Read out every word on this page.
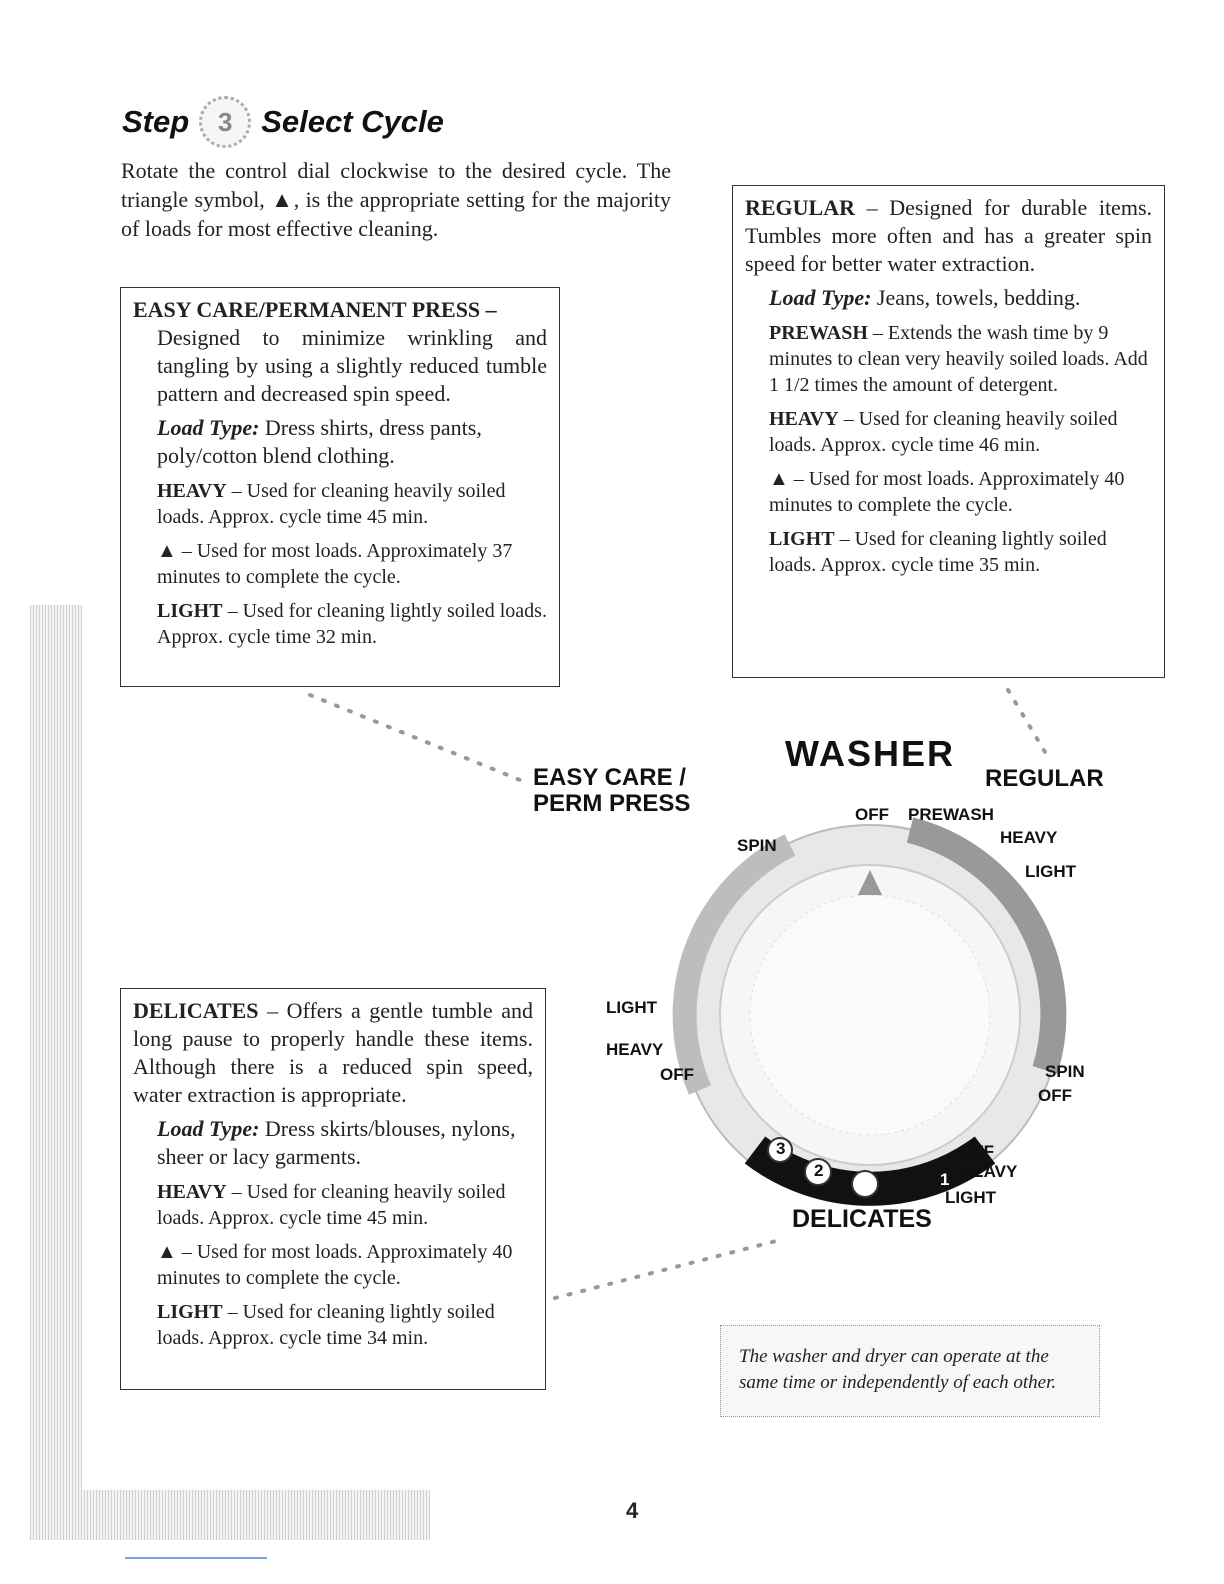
Step	3 Select Cycle
Rotate the control dial clockwise to the desired cycle. The triangle symbol, ▲, is the appropriate setting for the majority of loads for most effective cleaning.
EASY CARE/PERMANENT PRESS –
Designed to minimize wrinkling and tangling by using a slightly reduced tumble pattern and decreased spin speed.
Load Type: Dress shirts, dress pants, poly/cotton blend clothing.
HEAVY – Used for cleaning heavily soiled loads. Approx. cycle time 45 min.
▲ – Used for most loads. Approximately 37 minutes to complete the cycle.
LIGHT – Used for cleaning lightly soiled loads. Approx. cycle time 32 min.
REGULAR – Designed for durable items. Tumbles more often and has a greater spin speed for better water extraction.
Load Type: Jeans, towels, bedding.
PREWASH – Extends the wash time by 9 minutes to clean very heavily soiled loads. Add 1 1/2 times the amount of detergent.
HEAVY – Used for cleaning heavily soiled loads. Approx. cycle time 46 min.
▲ – Used for most loads. Approximately 40 minutes to complete the cycle.
LIGHT – Used for cleaning lightly soiled loads. Approx. cycle time 35 min.
DELICATES – Offers a gentle tumble and long pause to properly handle these items. Although there is a reduced spin speed, water extraction is appropriate.
Load Type: Dress skirts/blouses, nylons, sheer or lacy garments.
HEAVY – Used for cleaning heavily soiled loads. Approx. cycle time 45 min.
▲ – Used for most loads. Approximately 40 minutes to complete the cycle.
LIGHT – Used for cleaning lightly soiled loads. Approx. cycle time 34 min.
WASHER
EASY CARE /
PERM PRESS
REGULAR
DELICATES
OFF PREWASH
HEAVY
LIGHT
SPIN
LIGHT
HEAVY
OFF	SPIN
OFF
OFF
HEAVY
LIGHT
0
2
3
1
The washer and dryer can operate at the same time or independently of each other.
4
